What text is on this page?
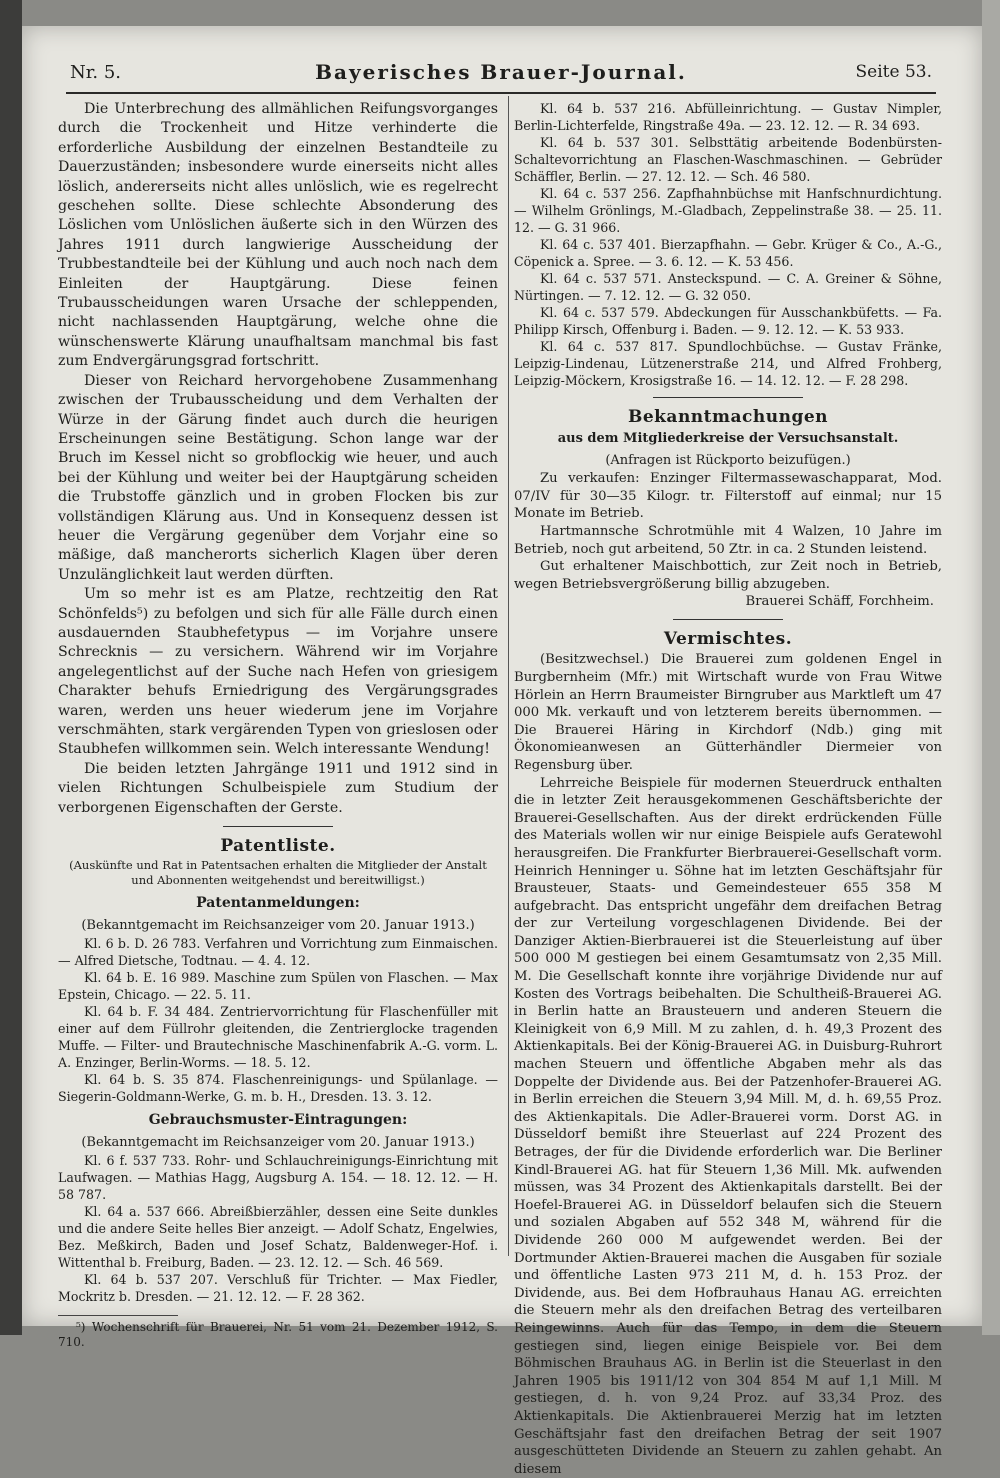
Nr. 5.	Bayerisches Brauer-Journal.	Seite 53.

Die Unterbrechung des allmählichen Reifungsvorganges durch die Trockenheit und Hitze verhinderte die erforderliche Ausbildung der einzelnen Bestandteile zu Dauerzuständen; insbesondere wurde einerseits nicht alles löslich, andererseits nicht alles unlöslich, wie es regelrecht geschehen sollte. Diese schlechte Absonderung des Löslichen vom Unlöslichen äußerte sich in den Würzen des Jahres 1911 durch langwierige Ausscheidung der Trubbestandteile bei der Kühlung und auch noch nach dem Einleiten der Hauptgärung. Diese feinen Trubausscheidungen waren Ursache der schleppenden, nicht nachlassenden Hauptgärung, welche ohne die wünschenswerte Klärung unaufhaltsam manchmal bis fast zum Endvergärungsgrad fortschritt.

Dieser von Reichard hervorgehobene Zusammenhang zwischen der Trubausscheidung und dem Verhalten der Würze in der Gärung findet auch durch die heurigen Erscheinungen seine Bestätigung. Schon lange war der Bruch im Kessel nicht so grobflockig wie heuer, und auch bei der Kühlung und weiter bei der Hauptgärung scheiden die Trubstoffe gänzlich und in groben Flocken bis zur vollständigen Klärung aus. Und in Konsequenz dessen ist heuer die Vergärung gegenüber dem Vorjahr eine so mäßige, daß mancherorts sicherlich Klagen über deren Unzulänglichkeit laut werden dürften.

Um so mehr ist es am Platze, rechtzeitig den Rat Schönfelds⁵) zu befolgen und sich für alle Fälle durch einen ausdauernden Staubhefetypus — im Vorjahre unsere Schrecknis — zu versichern. Während wir im Vorjahre angelegentlichst auf der Suche nach Hefen von griesigem Charakter behufs Erniedrigung des Vergärungsgrades waren, werden uns heuer wiederum jene im Vorjahre verschmähten, stark vergärenden Typen von grieslosen oder Staubhefen willkommen sein. Welch interessante Wendung!

Die beiden letzten Jahrgänge 1911 und 1912 sind in vielen Richtungen Schulbeispiele zum Studium der verborgenen Eigenschaften der Gerste.

Patentliste.
(Auskünfte und Rat in Patentsachen erhalten die Mitglieder der Anstalt und Abonnenten weitgehendst und bereitwilligst.)
Patentanmeldungen:
(Bekanntgemacht im Reichsanzeiger vom 20. Januar 1913.)

Kl. 6 b. D. 26 783. Verfahren und Vorrichtung zum Einmaischen. — Alfred Dietsche, Todtnau. — 4. 4. 12.

Kl. 64 b. E. 16 989. Maschine zum Spülen von Flaschen. — Max Epstein, Chicago. — 22. 5. 11.

Kl. 64 b. F. 34 484. Zentriervorrichtung für Flaschenfüller mit einer auf dem Füllrohr gleitenden, die Zentrierglocke tragenden Muffe. — Filter- und Brautechnische Maschinenfabrik A.-G. vorm. L. A. Enzinger, Berlin-Worms. — 18. 5. 12.

Kl. 64 b. S. 35 874. Flaschenreinigungs- und Spülanlage. — Siegerin-Goldmann-Werke, G. m. b. H., Dresden. 13. 3. 12.

Gebrauchsmuster-Eintragungen:
(Bekanntgemacht im Reichsanzeiger vom 20. Januar 1913.)

Kl. 6 f. 537 733. Rohr- und Schlauchreinigungs-Einrichtung mit Laufwagen. — Mathias Hagg, Augsburg A. 154. — 18. 12. 12. — H. 58 787.

Kl. 64 a. 537 666. Abreißbierzähler, dessen eine Seite dunkles und die andere Seite helles Bier anzeigt. — Adolf Schatz, Engelwies, Bez. Meßkirch, Baden und Josef Schatz, Baldenweger-Hof. i. Wittenthal b. Freiburg, Baden. — 23. 12. 12. — Sch. 46 569.

Kl. 64 b. 537 207. Verschluß für Trichter. — Max Fiedler, Mockritz b. Dresden. — 21. 12. 12. — F. 28 362.

⁵) Wochenschrift für Brauerei, Nr. 51 vom 21. Dezember 1912, S. 710.

Kl. 64 b. 537 216. Abfülleinrichtung. — Gustav Nimpler, Berlin-Lichterfelde, Ringstraße 49a. — 23. 12. 12. — R. 34 693.

Kl. 64 b. 537 301. Selbsttätig arbeitende Bodenbürsten-Schaltevorrichtung an Flaschen-Waschmaschinen. — Gebrüder Schäffler, Berlin. — 27. 12. 12. — Sch. 46 580.

Kl. 64 c. 537 256. Zapfhahnbüchse mit Hanfschnurdichtung. — Wilhelm Grönlings, M.-Gladbach, Zeppelinstraße 38. — 25. 11. 12. — G. 31 966.

Kl. 64 c. 537 401. Bierzapfhahn. — Gebr. Krüger & Co., A.-G., Cöpenick a. Spree. — 3. 6. 12. — K. 53 456.

Kl. 64 c. 537 571. Ansteckspund. — C. A. Greiner & Söhne, Nürtingen. — 7. 12. 12. — G. 32 050.

Kl. 64 c. 537 579. Abdeckungen für Ausschankbüfetts. — Fa. Philipp Kirsch, Offenburg i. Baden. — 9. 12. 12. — K. 53 933.

Kl. 64 c. 537 817. Spundlochbüchse. — Gustav Fränke, Leipzig-Lindenau, Lützenerstraße 214, und Alfred Frohberg, Leipzig-Möckern, Krosigstraße 16. — 14. 12. 12. — F. 28 298.

Bekanntmachungen
aus dem Mitgliederkreise der Versuchsanstalt.
(Anfragen ist Rückporto beizufügen.)

Zu verkaufen: Enzinger Filtermassewaschapparat, Mod. 07/IV für 30—35 Kilogr. tr. Filterstoff auf einmal; nur 15 Monate im Betrieb.

Hartmannsche Schrotmühle mit 4 Walzen, 10 Jahre im Betrieb, noch gut arbeitend, 50 Ztr. in ca. 2 Stunden leistend.

Gut erhaltener Maischbottich, zur Zeit noch in Betrieb, wegen Betriebsvergrößerung billig abzugeben.

Brauerei Schäff, Forchheim.
Vermischtes.

(Besitzwechsel.) Die Brauerei zum goldenen Engel in Burgbernheim (Mfr.) mit Wirtschaft wurde von Frau Witwe Hörlein an Herrn Braumeister Birngruber aus Marktleft um 47 000 Mk. verkauft und von letzterem bereits übernommen. — Die Brauerei Häring in Kirchdorf (Ndb.) ging mit Ökonomieanwesen an Gütterhändler Diermeier von Regensburg über.

Lehrreiche Beispiele für modernen Steuerdruck enthalten die in letzter Zeit herausgekommenen Geschäftsberichte der Brauerei-Gesellschaften. Aus der direkt erdrückenden Fülle des Materials wollen wir nur einige Beispiele aufs Geratewohl herausgreifen. Die Frankfurter Bierbrauerei-Gesellschaft vorm. Heinrich Henninger u. Söhne hat im letzten Geschäftsjahr für Brausteuer, Staats- und Gemeindesteuer 655 358 M aufgebracht. Das entspricht ungefähr dem dreifachen Betrag der zur Verteilung vorgeschlagenen Dividende. Bei der Danziger Aktien-Bierbrauerei ist die Steuerleistung auf über 500 000 M gestiegen bei einem Gesamtumsatz von 2,35 Mill. M. Die Gesellschaft konnte ihre vorjährige Dividende nur auf Kosten des Vortrags beibehalten. Die Schultheiß-Brauerei AG. in Berlin hatte an Brausteuern und anderen Steuern die Kleinigkeit von 6,9 Mill. M zu zahlen, d. h. 49,3 Prozent des Aktienkapitals. Bei der König-Brauerei AG. in Duisburg-Ruhrort machen Steuern und öffentliche Abgaben mehr als das Doppelte der Dividende aus. Bei der Patzenhofer-Brauerei AG. in Berlin erreichen die Steuern 3,94 Mill. M, d. h. 69,55 Proz. des Aktienkapitals. Die Adler-Brauerei vorm. Dorst AG. in Düsseldorf bemißt ihre Steuerlast auf 224 Prozent des Betrages, der für die Dividende erforderlich war. Die Berliner Kindl-Brauerei AG. hat für Steuern 1,36 Mill. Mk. aufwenden müssen, was 34 Prozent des Aktienkapitals darstellt. Bei der Hoefel-Brauerei AG. in Düsseldorf belaufen sich die Steuern und sozialen Abgaben auf 552 348 M, während für die Dividende 260 000 M aufgewendet werden. Bei der Dortmunder Aktien-Brauerei machen die Ausgaben für soziale und öffentliche Lasten 973 211 M, d. h. 153 Proz. der Dividende, aus. Bei dem Hofbrauhaus Hanau AG. erreichten die Steuern mehr als den dreifachen Betrag des verteilbaren Reingewinns. Auch für das Tempo, in dem die Steuern gestiegen sind, liegen einige Beispiele vor. Bei dem Böhmischen Brauhaus AG. in Berlin ist die Steuerlast in den Jahren 1905 bis 1911/12 von 304 854 M auf 1,1 Mill. M gestiegen, d. h. von 9,24 Proz. auf 33,34 Proz. des Aktienkapitals. Die Aktienbrauerei Merzig hat im letzten Geschäftsjahr fast den dreifachen Betrag der seit 1907 ausgeschütteten Dividende an Steuern zu zahlen gehabt. An diesem
